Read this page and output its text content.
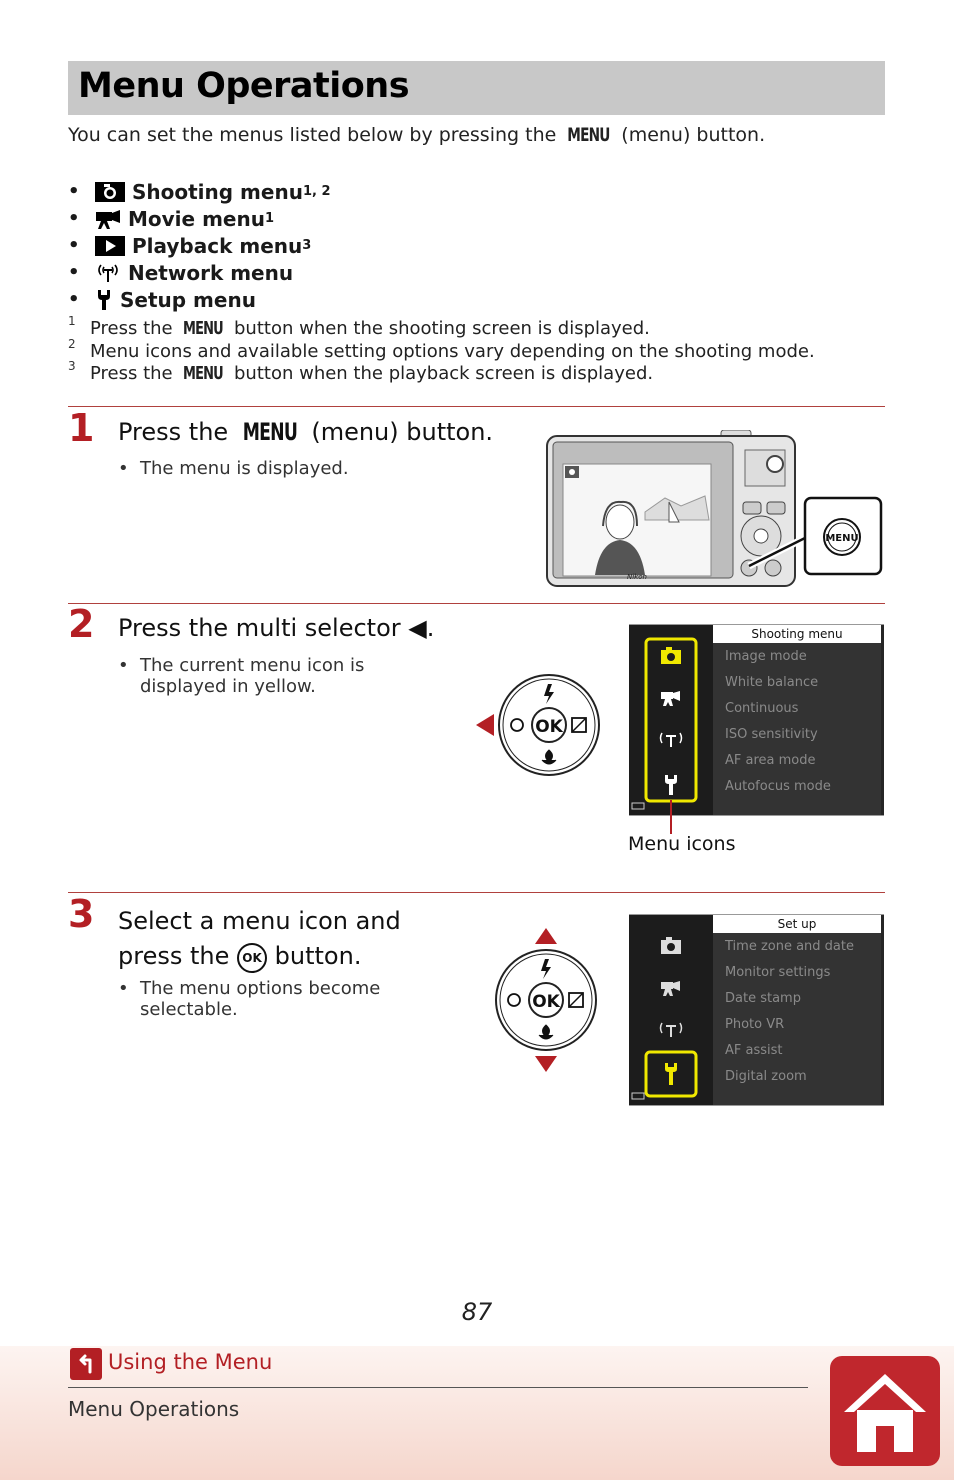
Menu Operations
You can set the menus listed below by pressing the MENU (menu) button.
•	Shooting menu 1, 2
•	Movie menu 1
•	Playback menu 3
•	Network menu
•	Setup menu
1 Press the MENU button when the shooting screen is displayed.
2 Menu icons and available setting options vary depending on the shooting mode.
3 Press the MENU button when the playback screen is displayed.
1 Press the MENU (menu) button.
• The menu is displayed.
Nikon
MENU
2 Press the multi selector ◀.
• The current menu icon is
displayed in yellow.
OK
Shooting menu
Image mode
White balance
Continuous
ISO sensitivity
AF area mode
Autofocus mode
Menu icons
3 Select a menu icon and
press the OK button.
• The menu options become
selectable.	OK
Set up
Time zone and date
Monitor settings
Date stamp
Photo VR
AF assist
Digital zoom
87
Using the Menu
Menu Operations
